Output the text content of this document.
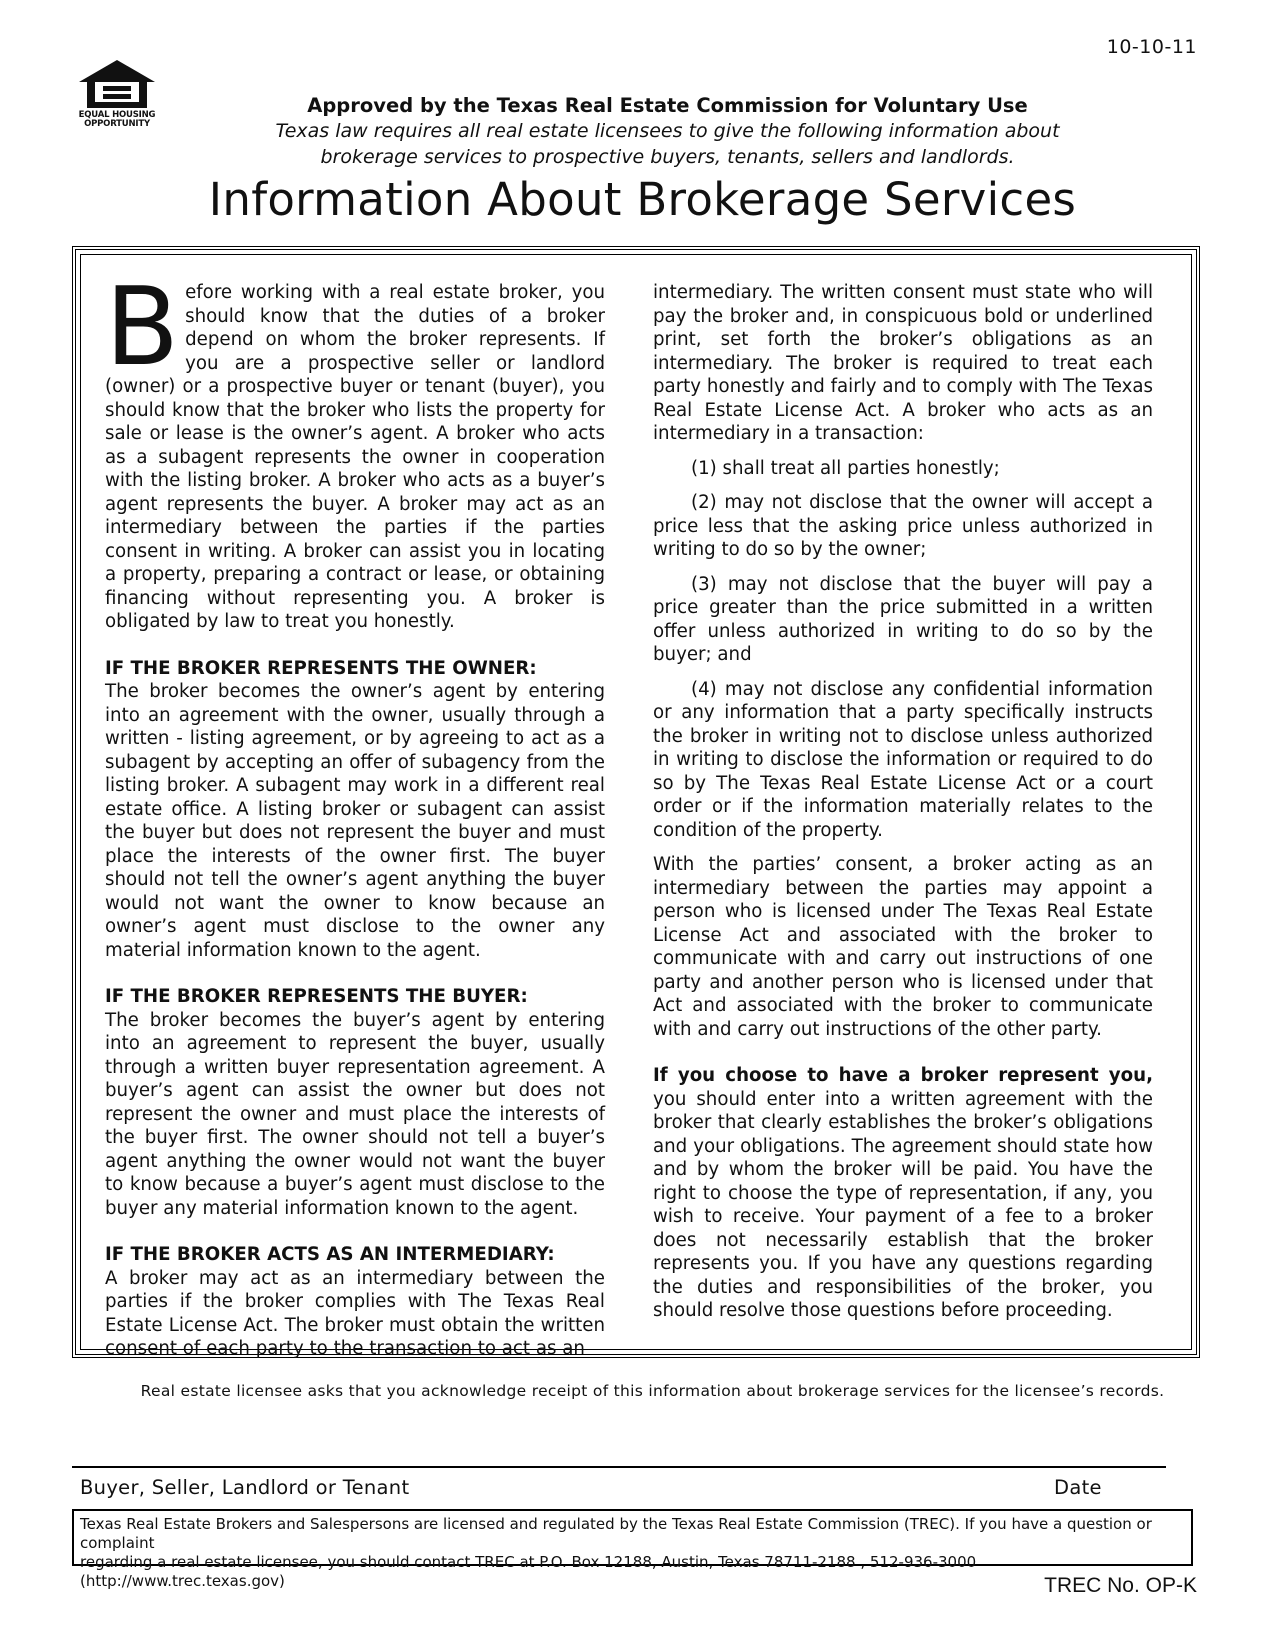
10-10-11
EQUAL HOUSING
OPPORTUNITY
Approved by the Texas Real Estate Commission for Voluntary Use
Texas law requires all real estate licensees to give the following information about
brokerage services to prospective buyers, tenants, sellers and landlords.
Information About Brokerage Services

Before working with a real estate broker, you should know that the duties of a broker depend on whom the broker represents. If you are a prospective seller or landlord (owner) or a prospective buyer or tenant (buyer), you should know that the broker who lists the property for sale or lease is the owner’s agent. A broker who acts as a subagent represents the owner in cooperation with the listing broker. A broker who acts as a buyer’s agent represents the buyer. A broker may act as an intermediary between the parties if the parties consent in writing. A broker can assist you in locating a property, preparing a contract or lease, or obtaining financing without representing you. A broker is obligated by law to treat you honestly.

IF THE BROKER REPRESENTS THE OWNER:

The broker becomes the owner’s agent by entering into an agreement with the owner, usually through a written - listing agreement, or by agreeing to act as a subagent by accepting an offer of subagency from the listing broker. A subagent may work in a different real estate office. A listing broker or subagent can assist the buyer but does not represent the buyer and must place the interests of the owner first. The buyer should not tell the owner’s agent anything the buyer would not want the owner to know because an owner’s agent must disclose to the owner any material information known to the agent.

IF THE BROKER REPRESENTS THE BUYER:

The broker becomes the buyer’s agent by entering into an agreement to represent the buyer, usually through a written buyer representation agreement. A buyer’s agent can assist the owner but does not represent the owner and must place the interests of the buyer first. The owner should not tell a buyer’s agent anything the owner would not want the buyer to know because a buyer’s agent must disclose to the buyer any material information known to the agent.

IF THE BROKER ACTS AS AN INTERMEDIARY:

A broker may act as an intermediary between the parties if the broker complies with The Texas Real Estate License Act. The broker must obtain the written consent of each party to the transaction to act as an

intermediary. The written consent must state who will pay the broker and, in conspicuous bold or underlined print, set forth the broker’s obligations as an intermediary. The broker is required to treat each party honestly and fairly and to comply with The Texas Real Estate License Act. A broker who acts as an intermediary in a transaction:

(1) shall treat all parties honestly;

(2) may not disclose that the owner will accept a price less that the asking price unless authorized in writing to do so by the owner;

(3) may not disclose that the buyer will pay a price greater than the price submitted in a written offer unless authorized in writing to do so by the buyer; and

(4) may not disclose any confidential information or any information that a party specifically instructs the broker in writing not to disclose unless authorized in writing to disclose the information or required to do so by The Texas Real Estate License Act or a court order or if the information materially relates to the condition of the property.

With the parties’ consent, a broker acting as an intermediary between the parties may appoint a person who is licensed under The Texas Real Estate License Act and associated with the broker to communicate with and carry out instructions of one party and another person who is licensed under that Act and associated with the broker to communicate with and carry out instructions of the other party.

If you choose to have a broker represent you, you should enter into a written agreement with the broker that clearly establishes the broker’s obligations and your obligations. The agreement should state how and by whom the broker will be paid. You have the right to choose the type of representation, if any, you wish to receive. Your payment of a fee to a broker does not necessarily establish that the broker represents you. If you have any questions regarding the duties and responsibilities of the broker, you should resolve those questions before proceeding.

Real estate licensee asks that you acknowledge receipt of this information about brokerage services for the licensee’s records.
Buyer, Seller, Landlord or Tenant	Date
Texas Real Estate Brokers and Salespersons are licensed and regulated by the Texas Real Estate Commission (TREC). If you have a question or complaint
regarding a real estate licensee, you should contact TREC at P.O. Box 12188, Austin, Texas 78711-2188 , 512-936-3000 (http://www.trec.texas.gov)	TREC No. OP-K
